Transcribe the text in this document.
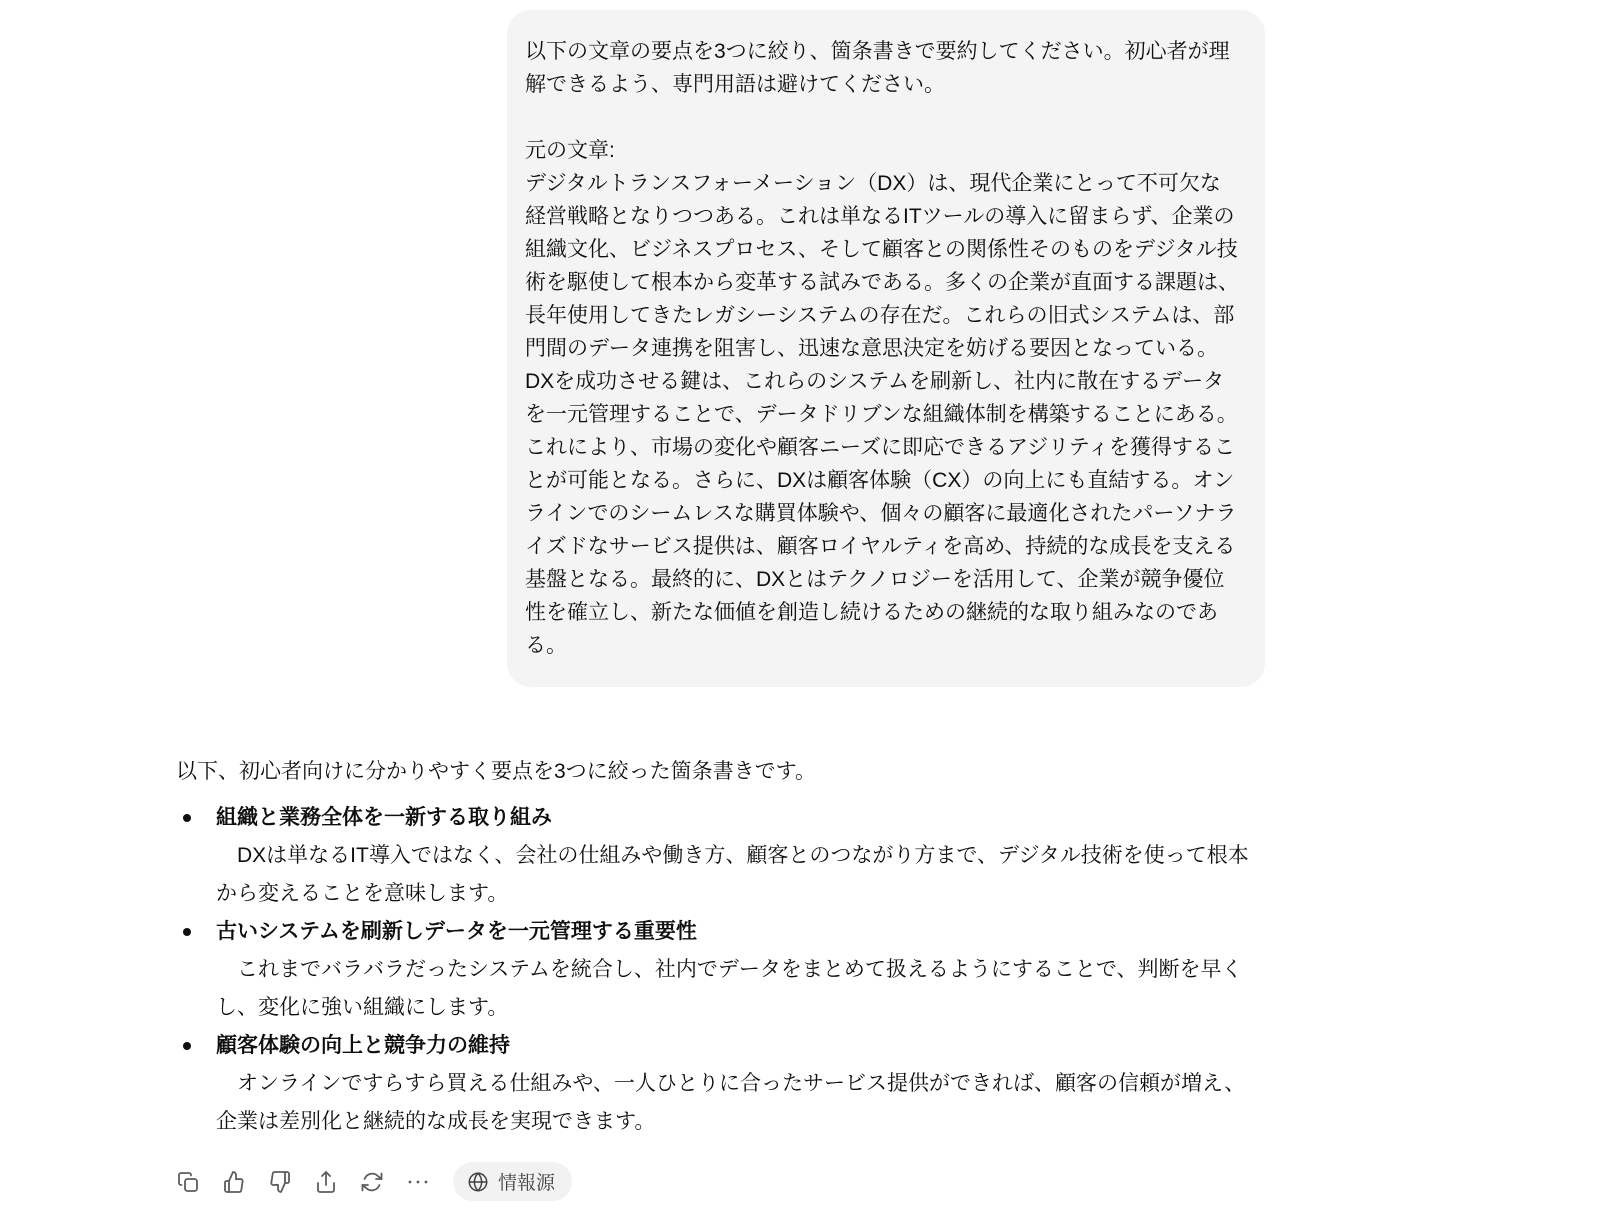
以下の文章の要点を3つに絞り、箇条書きで要約してください。初心者が理解できるよう、専門用語は避けてください。

元の文章:
デジタルトランスフォーメーション（DX）は、現代企業にとって不可欠な経営戦略となりつつある。これは単なるITツールの導入に留まらず、企業の組織文化、ビジネスプロセス、そして顧客との関係性そのものをデジタル技術を駆使して根本から変革する試みである。多くの企業が直面する課題は、長年使用してきたレガシーシステムの存在だ。これらの旧式システムは、部門間のデータ連携を阻害し、迅速な意思決定を妨げる要因となっている。DXを成功させる鍵は、これらのシステムを刷新し、社内に散在するデータを一元管理することで、データドリブンな組織体制を構築することにある。これにより、市場の変化や顧客ニーズに即応できるアジリティを獲得することが可能となる。さらに、DXは顧客体験（CX）の向上にも直結する。オンラインでのシームレスな購買体験や、個々の顧客に最適化されたパーソナライズドなサービス提供は、顧客ロイヤルティを高め、持続的な成長を支える基盤となる。最終的に、DXとはテクノロジーを活用して、企業が競争優位性を確立し、新たな価値を創造し続けるための継続的な取り組みなのである。

以下、初心者向けに分かりやすく要点を3つに絞った箇条書きです。

組織と業務全体を一新する取り組み

DXは単なるIT導入ではなく、会社の仕組みや働き方、顧客とのつながり方まで、デジタル技術を使って根本から変えることを意味します。

古いシステムを刷新しデータを一元管理する重要性

これまでバラバラだったシステムを統合し、社内でデータをまとめて扱えるようにすることで、判断を早くし、変化に強い組織にします。

顧客体験の向上と競争力の維持

オンラインですらすら買える仕組みや、一人ひとりに合ったサービス提供ができれば、顧客の信頼が増え、企業は差別化と継続的な成長を実現できます。

情報源
